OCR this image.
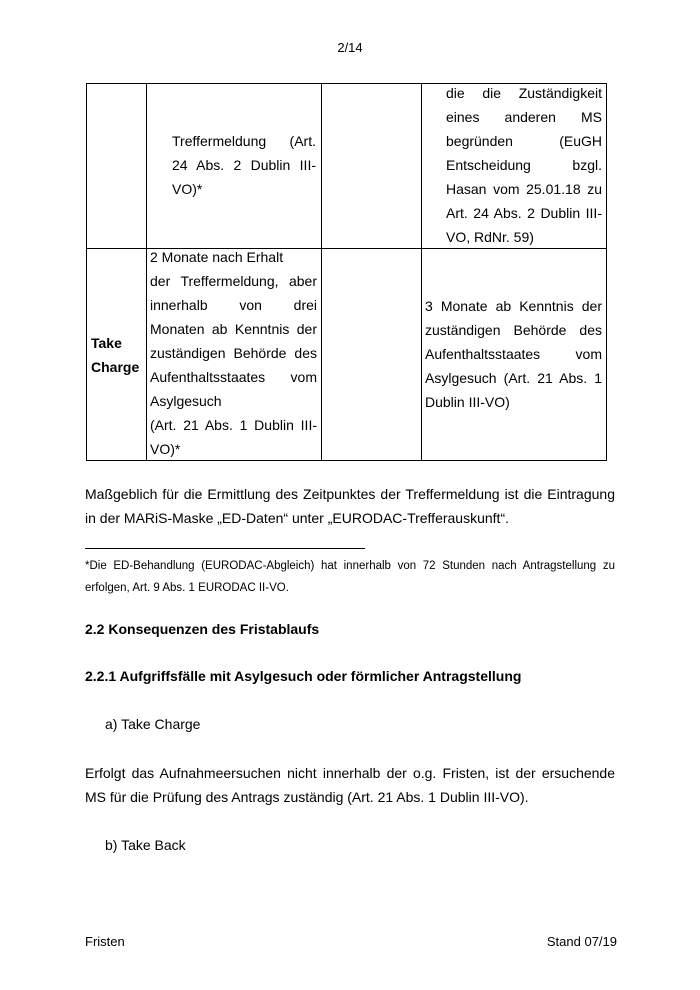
2/14
Treffermeldung (Art.
24 Abs. 2 Dublin III-
VO)*
die die Zuständigkeit
eines anderen MS
begründen (EuGH
Entscheidung bzgl.
Hasan vom 25.01.18 zu
Art. 24 Abs. 2 Dublin III-
VO, RdNr. 59)
Take
Charge
2 Monate nach Erhalt
der Treffermeldung, aber
innerhalb von drei
Monaten ab Kenntnis der
zuständigen Behörde des
Aufenthaltsstaates vom
Asylgesuch
(Art. 21 Abs. 1 Dublin III-
VO)*
3 Monate ab Kenntnis der
zuständigen Behörde des
Aufenthaltsstaates vom
Asylgesuch (Art. 21 Abs. 1
Dublin III-VO)
Maßgeblich für die Ermittlung des Zeitpunktes der Treffermeldung ist die Eintragung
in der MARiS-Maske „ED-Daten“ unter „EURODAC-Trefferauskunft“.
*Die ED-Behandlung (EURODAC-Abgleich) hat innerhalb von 72 Stunden nach Antragstellung zu
erfolgen, Art. 9 Abs. 1 EURODAC II-VO.
2.2 Konsequenzen des Fristablaufs
2.2.1 Aufgriffsfälle mit Asylgesuch oder förmlicher Antragstellung
a) Take Charge
Erfolgt das Aufnahmeersuchen nicht innerhalb der o.g. Fristen, ist der ersuchende
MS für die Prüfung des Antrags zuständig (Art. 21 Abs. 1 Dublin III-VO).
b) Take Back
Fristen	Stand 07/19
